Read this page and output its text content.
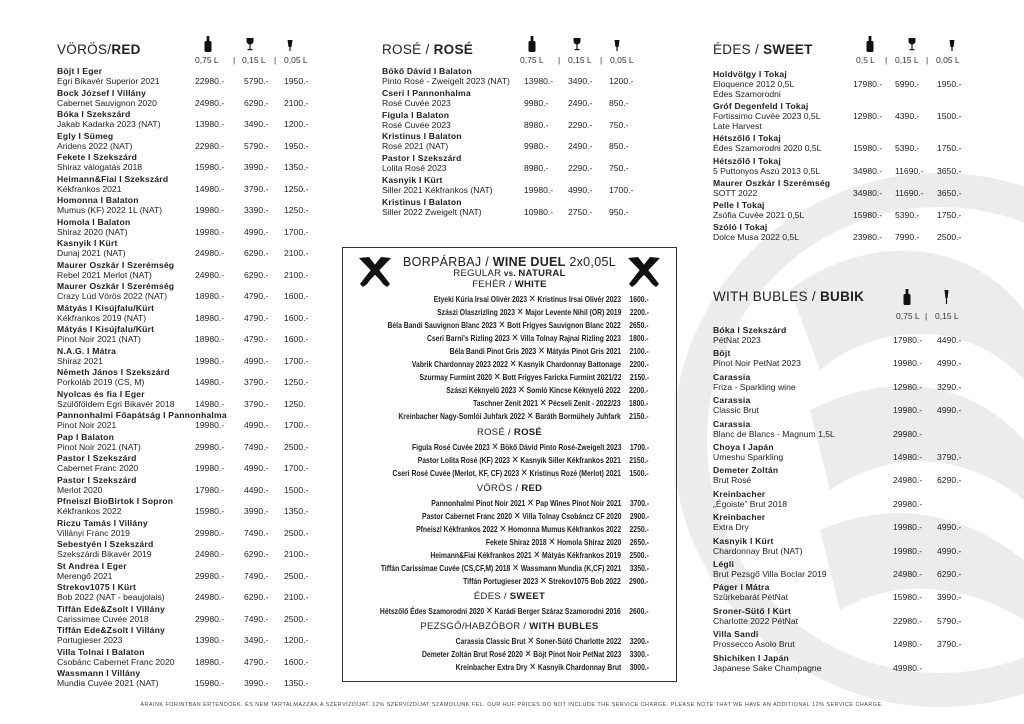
VÖRÖS/RED
0,75 L | 0,15 L | 0,05 L
Böjt I Eger
Egri Bikavér Superior 2021	22980.- 5790.- 1950.-
Bock József I Villány
Cabernet Sauvignon 2020	24980.- 6290.- 2100.-
Bóka I Szekszárd
Jakab Kadarka 2023 (NAT)	13980.- 3490.- 1200.-
Egly I Sümeg
Aridens 2022 (NAT)	22980.- 5790.- 1950.-
Fekete I Szekszárd
Shiraz válogatás 2018	15980.- 3990.- 1350.-
Heimann&Fiai I Szekszárd
Kékfrankos 2021	14980.- 3790.- 1250.-
Homonna I Balaton
Mumus (KF) 2022 1L (NAT)	19980.- 3390.- 1250.-
Homola I Balaton
Shiraz 2020 (NAT)	19980.- 4990.- 1700.-
Kasnyik I Kürt
Dunaj 2021 (NAT)	24980.- 6290.- 2100.-
Maurer Oszkár I Szerémség
Rebel 2021 Merlot (NAT)	24980.- 6290.- 2100.-
Maurer Oszkár I Szerémség
Crazy Lúd Vörös 2022 (NAT)	18980.- 4790.- 1600.-
Mátyás I Kisújfalu/Kürt
Kékfrankos 2019 (NAT)	18980.- 4790.- 1600.-
Mátyás I Kisújfalu/Kürt
Pinot Noir 2021 (NAT)	18980.- 4790.- 1600.-
N.A.G. I Mátra
Shiraz 2021	19980.- 4990.- 1700.-
Németh János I Szekszárd
Porkoláb 2019 (CS, M)	14980.- 3790.- 1250.-
Nyolcas és fia I Eger
Szülőföldem Egri Bikavér 2018 14980.- 3790.- 1250.
Pannonhalmi Főapátság I Pannonhalma
Pinot Noir 2021	19980.- 4990.- 1700.-
Pap I Balaton
Pinot Noir 2021 (NAT)	29980.- 7490.- 2500.-
Pastor I Szekszárd
Cabernet Franc 2020	19980.- 4990.- 1700.-
Pastor I Szekszárd
Merlot 2020	17980.- 4490.- 1500.-
Pfneiszl BioBirtok I Sopron
Kékfrankos 2022	15980.- 3990.- 1350.-
Riczu Tamás I Villány
Villányi Franc 2019	29980.- 7490.- 2500.-
Sebestyén I Szekszárd
Szekszárdi Bikavér 2019	24980.- 6290.- 2100.-
St Andrea I Eger
Merengő 2021	29980.- 7490.- 2500.-
Strekov1075 I Kürt
Bob 2022 (NAT - beaujolais)	24980.- 6290.- 2100.-
Tiffán Ede&Zsolt I Villány
Carissimae Cuvée 2018	29980.- 7490.- 2500.-
Tiffán Ede&Zsolt I Villány
Portugieser 2023	13980.- 3490.- 1200.-
Villa Tolnai I Balaton
Csobánc Cabernet Franc 2020 18980.- 4790.- 1600.-
Wassmann I Villány
Mundia Cuvée 2021 (NAT)	15980.- 3990.- 1350.-
ROSÉ / ROSÉ
0,75 L | 0,15 L | 0,05 L
Bökő Dávid I Balaton
Pinto Rosé - Zweigelt 2023 (NAT) 13980.- 3490.- 1200.-
Cseri I Pannonhalma
Rosé Cuvée 2023	9980.- 2490.- 850.-
Figula I Balaton
Rosé Cuvée 2023	8980.- 2290.- 750.-
Kristinus I Balaton
Rosé 2021 (NAT)	9980.- 2490.- 850.-
Pastor I Szekszárd
Lolita Rosé 2023	8980.- 2290.- 750.-
Kasnyik I Kürt
Siller 2021 Kékfrankos (NAT)	19980.- 4990.- 1700.-
Kristinus I Balaton
Siller 2022 Zweigelt (NAT)	10980.- 2750.- 950.-
ÉDES / SWEET
0,5 L | 0,15 L | 0,05 L
Holdvölgy I Tokaj
Eloquence 2012 0,5L
Édes Szamorodni
17980.- 5990.- 1950.-
Gróf Degenfeld I Tokaj
Fortissimo Cuvée 2023 0,5L
Late Harvest
12980.- 4390.- 1500.-
Hétszőlő I Tokaj
Édes Szamorodni 2020 0,5L	15980.- 5390.- 1750.-
Hétszőlő I Tokaj
5 Puttonyos Aszú 2013 0,5L	34980.- 11690.- 3650.-
Maurer Oszkár I Szerémség
SOTT 2022	34980.- 11690.- 3650.-
Pelle I Tokaj
Zsófia Cuvée 2021 0,5L	15980.- 5390.- 1750.-
Szóló I Tokaj
Dolce Musa 2022 0,5L	23980.- 7990.- 2500.-
WITH BUBLES / BUBIK
0,75 L | 0,15 L
Bóka I Szekszárd
PétNat 2023	17980.- 4490.-
Böjt
Pinot Noir PetNat 2023	19980.- 4990.-
Carassia
Friza - Sparkling wine	12980.- 3290.-
Carassia
Classic Brut	19980.- 4990.-
Carassia
Blanc de Blancs - Magnum 1,5L	29980.-
Choya I Japán
Umeshu Sparkling	14980.- 3790.-
Demeter Zoltán
Brut Rosé	24980.- 6290.-
Kreinbacher
„Égoiste” Brut 2018	29980.-
Kreinbacher
Extra Dry	19980.- 4990.-
Kasnyik I Kürt
Chardonnay Brut (NAT)	19980.- 4990.-
Légli
Brut Pezsgő Villa Boclar 2019	24980.- 6290.-
Páger I Mátra
Szürkebarát PétNat	15980.- 3990.-
Sroner-Sütő I Kürt
Charlotte 2022 PétNat	22980.- 5790.-
Villa Sandi
Prossecco Asolo Brut	14980.- 3790.-
Shichiken I Japán
Japanese Sake Champagne	49980.-
BORPÁRBAJ / WINE DUEL 2x0,05L
REGULAR vs. NATURAL
FEHÉR / WHITE
Etyeki Kúria Irsai Olivér 2023 ✕ Kristinus Irsai Olivér 2023 1600.-
Szászi Olaszrizling 2023 ✕ Major Levente Nihil (OR) 2019 2200.-
Béla Bandi Sauvignon Blanc 2023 ✕ Bott Frigyes Sauvignon Blanc 2022 2650.-
Cseri Barni's Rizling 2023 ✕ Villa Tolnay Rajnai Rizling 2023 1800.-
Béla Bandi Pinot Gris 2023 ✕ Mátyás Pinot Gris 2021 2100.-
Vabrik Chardonnay 2023 2022 ✕ Kasnyik Chardonnay Battonage 2200.-
Szurmay Furmint 2020 ✕ Bott Frigyes Faricka Furmint 2021/22 2150.-
Szászi Kéknyelű 2023 ✕ Somló Kincse Kéknyelű 2022 2200.-
Taschner Zenit 2021 ✕ Pécseli Zenit - 2022/23 1800.-
Kreinbacher Nagy-Somlói Juhfark 2022 ✕ Baráth Bormühely Juhfark 2150.-
ROSÉ / ROSÉ
Figula Rosé Cuvée 2023 ✕ Bökő Dávid Pinto Rosé-Zweigelt 2023 1700.-
Pastor Lolita Rosé (KF) 2023 ✕ Kasnyik Siller Kékfrankos 2021 2150.-
Cseri Rosé Cuvée (Merlot, KF, CF) 2023 ✕ Kristinus Rozé (Merlot) 2021 1500.-
VÖRÖS / RED
Pannonhalmi Pinot Noir 2021 ✕ Pap Wines Pinot Noir 2021 3700.-
Pastor Cabernet Franc 2020 ✕ Villa Tolnay Csobáncz CF 2020 2900.-
Pfneiszl Kékfrankos 2022 ✕ Homonna Mumus Kékfrankos 2022 2250.-
Fekete Shiraz 2018 ✕ Homola Shiraz 2020 2650.-
Heimann&Fiai Kékfrankos 2021 ✕ Mátyás Kékfrankos 2019 2500.-
Tiffán Carissimae Cuvée (CS,CF,M) 2018 ✕ Wassmann Mundia (K,CF) 2021 3350.-
Tiffán Portugieser 2023 ✕ Strekov1075 Bob 2022 2900.-
ÉDES / SWEET
Hétszőlő Édes Szamorodni 2020 ✕ Karádi Berger Száraz Szamorodni 2016 2600.-
PEZSGŐ/HABZÓBOR / WITH BUBLES
Carassia Classic Brut ✕ Soner-Sütő Charlotte 2022 3200.-
Demeter Zoltán Brut Rosé 2020 ✕ Böjt Pinot Noir PetNat 2023 3300.-
Kreinbacher Extra Dry ✕ Kasnyik Chardonnay Brut 3000.-
ÁRAINK FORINTBAN ÉRTENDŐEK. ÉS NEM TARTALMAZZÁK A SZERVÍZDÍJAT. 12% SZERVÍZDÍJAT SZÁMOLUNK FEL. OUR HUF PRICES DO NOT INCLUDE THE SERVICE CHARGE. PLEASE NOTE THAT WE HAVE AN ADDITIONAL 12% SERVICE CHARGE.
